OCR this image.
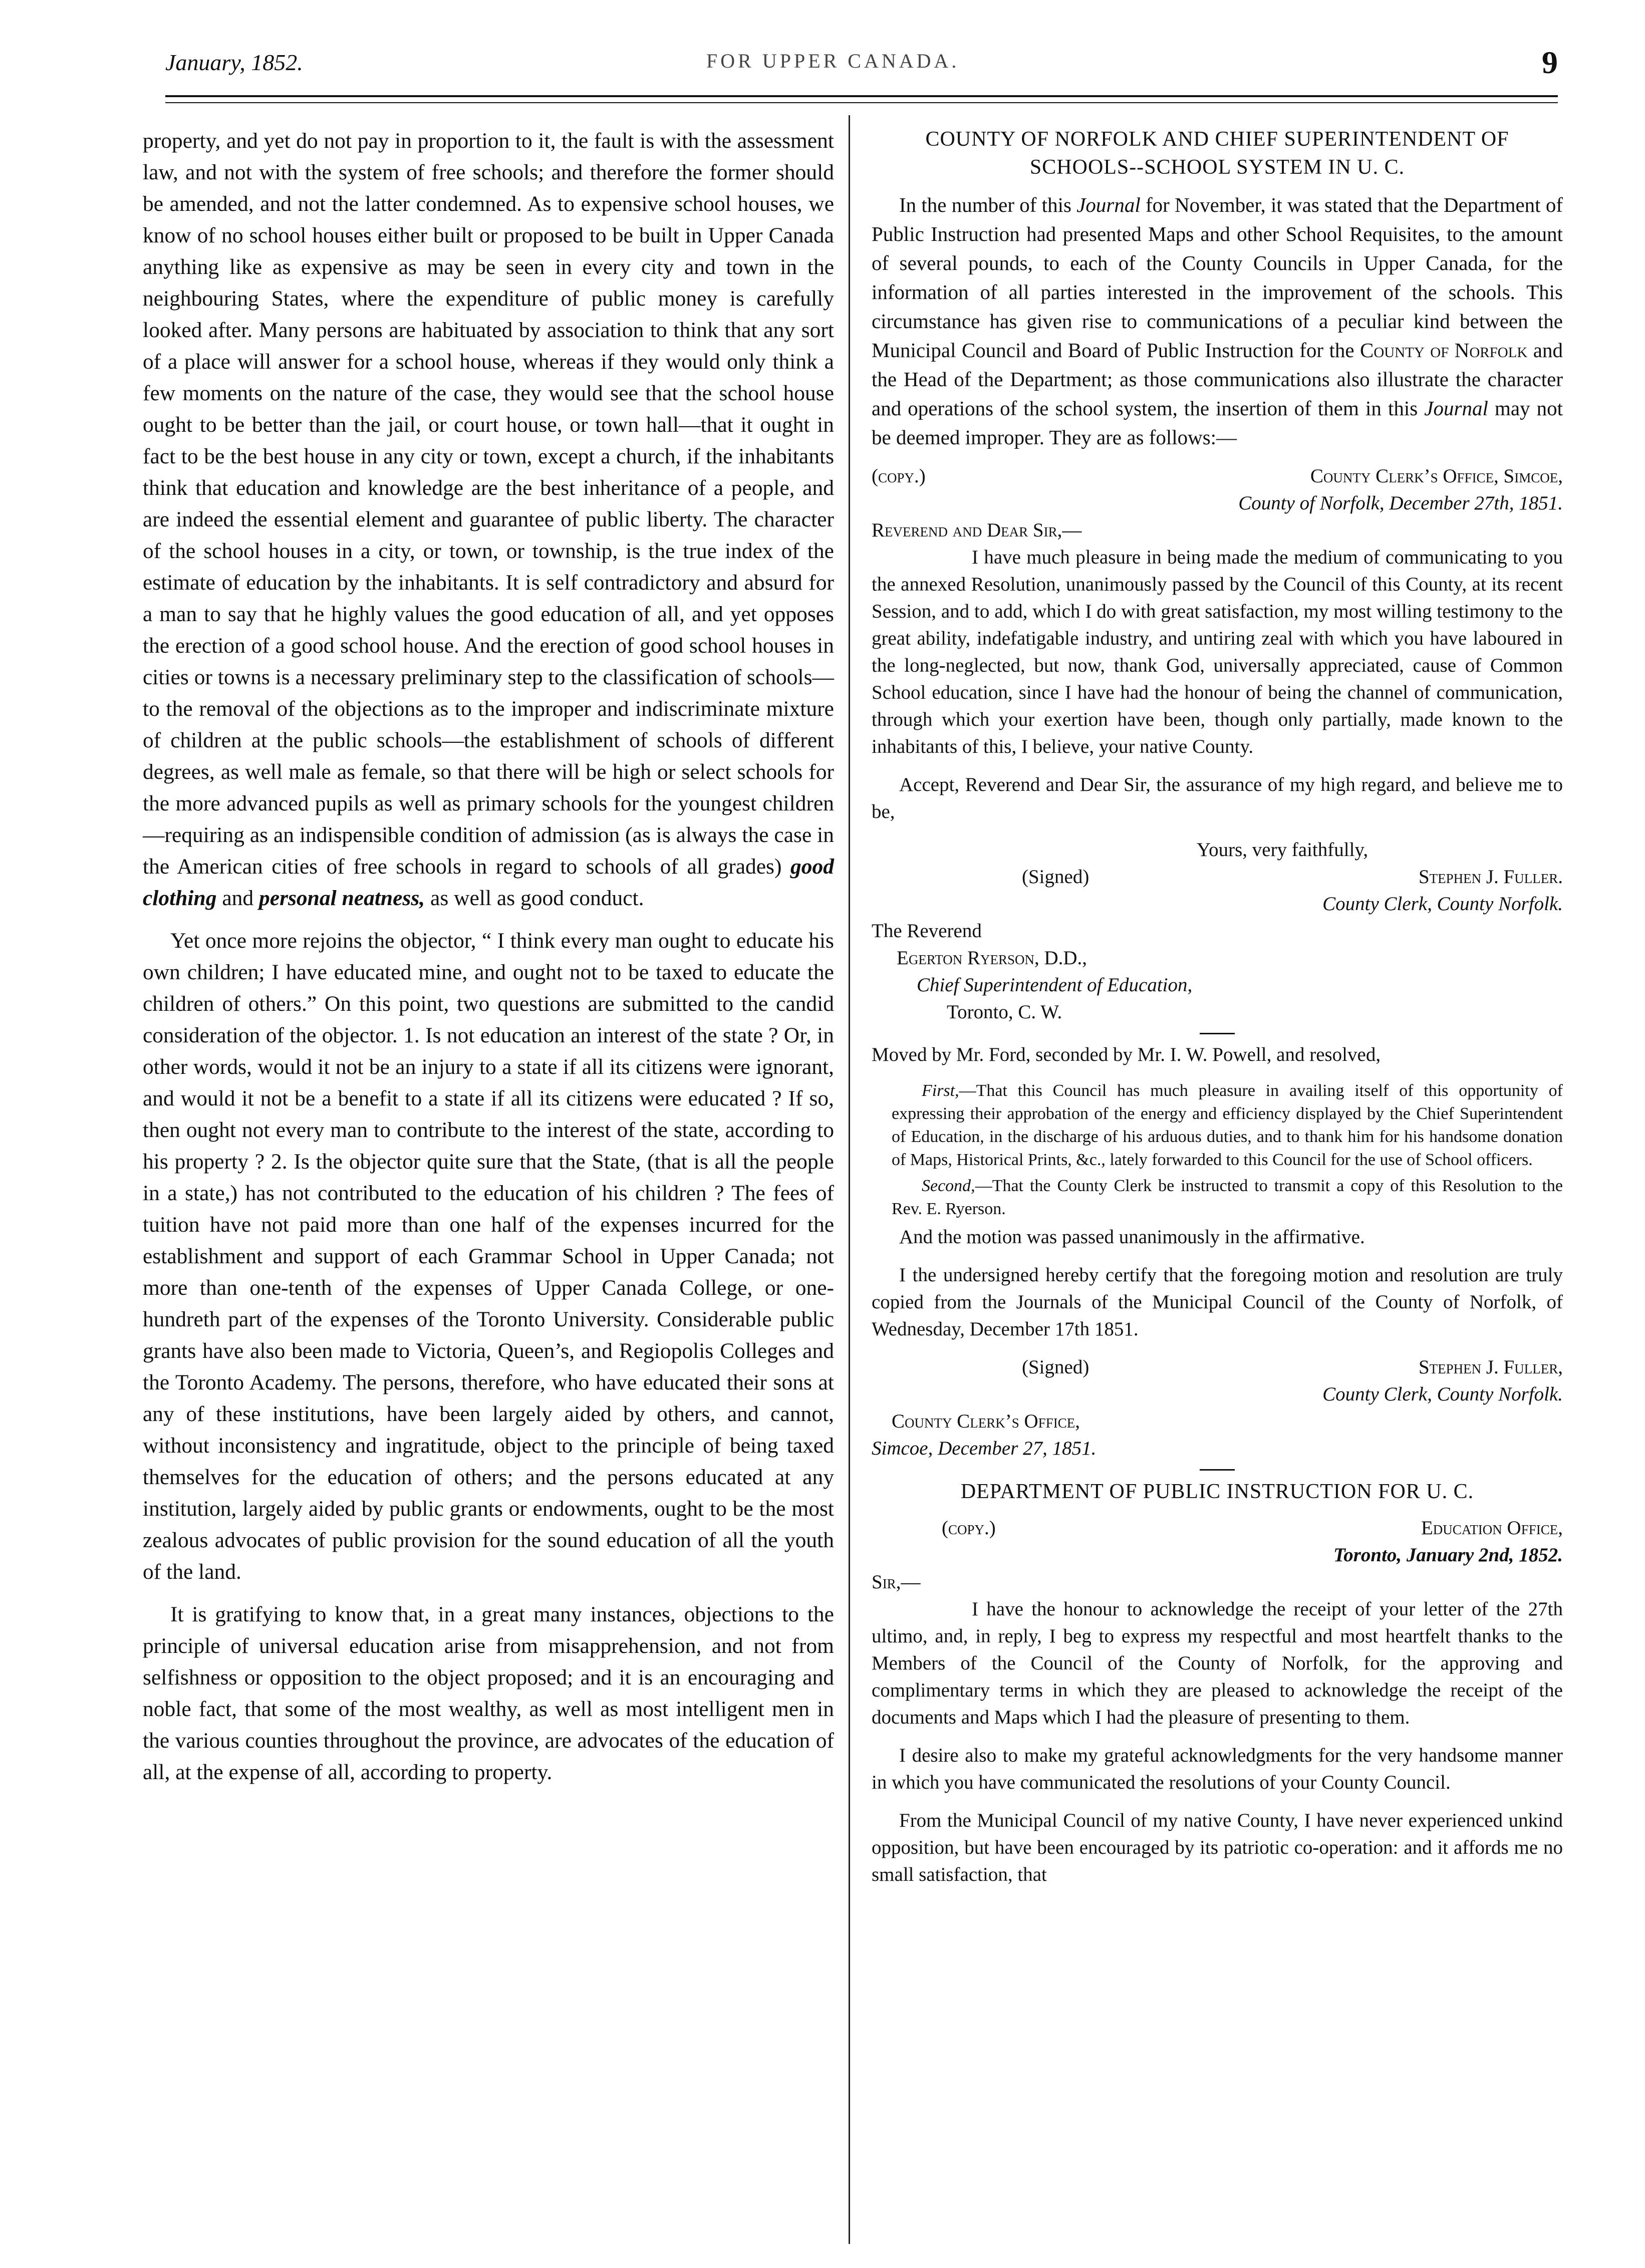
January, 1852.	FOR UPPER CANADA.	9

property, and yet do not pay in proportion to it, the fault is with the assessment law, and not with the system of free schools; and therefore the former should be amended, and not the latter condemned. As to expensive school houses, we know of no school houses either built or proposed to be built in Upper Canada anything like as expensive as may be seen in every city and town in the neighbouring States, where the expenditure of public money is carefully looked after. Many persons are habituated by association to think that any sort of a place will answer for a school house, whereas if they would only think a few moments on the nature of the case, they would see that the school house ought to be better than the jail, or court house, or town hall—that it ought in fact to be the best house in any city or town, except a church, if the inhabitants think that education and knowledge are the best inheritance of a people, and are indeed the essential element and guarantee of public liberty. The character of the school houses in a city, or town, or township, is the true index of the estimate of education by the inhabitants. It is self contradictory and absurd for a man to say that he highly values the good education of all, and yet opposes the erection of a good school house. And the erection of good school houses in cities or towns is a necessary preliminary step to the classification of schools—to the removal of the objections as to the improper and indiscriminate mixture of children at the public schools—the establishment of schools of different degrees, as well male as female, so that there will be high or select schools for the more advanced pupils as well as primary schools for the youngest children—requiring as an indispensible condition of admission (as is always the case in the American cities of free schools in regard to schools of all grades) good clothing and personal neatness, as well as good conduct.

Yet once more rejoins the objector, “ I think every man ought to educate his own children; I have educated mine, and ought not to be taxed to educate the children of others.” On this point, two questions are submitted to the candid consideration of the objector. 1. Is not education an interest of the state ? Or, in other words, would it not be an injury to a state if all its citizens were ignorant, and would it not be a benefit to a state if all its citizens were educated ? If so, then ought not every man to contribute to the interest of the state, according to his property ? 2. Is the objector quite sure that the State, (that is all the people in a state,) has not contributed to the education of his children ? The fees of tuition have not paid more than one half of the expenses incurred for the establishment and support of each Grammar School in Upper Canada; not more than one-tenth of the expenses of Upper Canada College, or one-hundreth part of the expenses of the Toronto University. Considerable public grants have also been made to Victoria, Queen’s, and Regiopolis Colleges and the Toronto Academy. The persons, therefore, who have educated their sons at any of these institutions, have been largely aided by others, and cannot, without inconsistency and ingratitude, object to the principle of being taxed themselves for the education of others; and the persons educated at any institution, largely aided by public grants or endowments, ought to be the most zealous advocates of public provision for the sound education of all the youth of the land.

It is gratifying to know that, in a great many instances, objections to the principle of universal education arise from misapprehension, and not from selfishness or opposition to the object proposed; and it is an encouraging and noble fact, that some of the most wealthy, as well as most intelligent men in the various counties throughout the province, are advocates of the education of all, at the expense of all, according to property.

COUNTY OF NORFOLK AND CHIEF SUPERINTENDENT OF SCHOOLS--SCHOOL SYSTEM IN U. C.

In the number of this Journal for November, it was stated that the Department of Public Instruction had presented Maps and other School Requisites, to the amount of several pounds, to each of the County Councils in Upper Canada, for the information of all parties interested in the improvement of the schools. This circumstance has given rise to communications of a peculiar kind between the Municipal Council and Board of Public Instruction for the County of Norfolk and the Head of the Department; as those communications also illustrate the character and operations of the school system, the insertion of them in this Journal may not be deemed improper. They are as follows:—

(copy.)	County Clerk’s Office, Simcoe,
County of Norfolk, December 27th, 1851.
Reverend and Dear Sir,—

I have much pleasure in being made the medium of communicating to you the annexed Resolution, unanimously passed by the Council of this County, at its recent Session, and to add, which I do with great satisfaction, my most willing testimony to the great ability, indefatigable industry, and untiring zeal with which you have laboured in the long-neglected, but now, thank God, universally appreciated, cause of Common School education, since I have had the honour of being the channel of communication, through which your exertion have been, though only partially, made known to the inhabitants of this, I believe, your native County.

Accept, Reverend and Dear Sir, the assurance of my high regard, and believe me to be,

Yours, very faithfully,
(Signed)	Stephen J. Fuller.
County Clerk, County Norfolk.
The Reverend
Egerton Ryerson, D.D.,
Chief Superintendent of Education,
Toronto, C. W.

Moved by Mr. Ford, seconded by Mr. I. W. Powell, and resolved,

First,—That this Council has much pleasure in availing itself of this opportunity of expressing their approbation of the energy and efficiency displayed by the Chief Superintendent of Education, in the discharge of his arduous duties, and to thank him for his handsome donation of Maps, Historical Prints, &c., lately forwarded to this Council for the use of School officers.
Second,—That the County Clerk be instructed to transmit a copy of this Resolution to the Rev. E. Ryerson.

And the motion was passed unanimously in the affirmative.

I the undersigned hereby certify that the foregoing motion and resolution are truly copied from the Journals of the Municipal Council of the County of Norfolk, of Wednesday, December 17th 1851.

(Signed)	Stephen J. Fuller,
County Clerk, County Norfolk.
County Clerk’s Office,
Simcoe, December 27, 1851.
DEPARTMENT OF PUBLIC INSTRUCTION FOR U. C.
(copy.)	Education Office,
Toronto, January 2nd, 1852.
Sir,—

I have the honour to acknowledge the receipt of your letter of the 27th ultimo, and, in reply, I beg to express my respectful and most heartfelt thanks to the Members of the Council of the County of Norfolk, for the approving and complimentary terms in which they are pleased to acknowledge the receipt of the documents and Maps which I had the pleasure of presenting to them.

I desire also to make my grateful acknowledgments for the very handsome manner in which you have communicated the resolutions of your County Council.

From the Municipal Council of my native County, I have never experienced unkind opposition, but have been encouraged by its patriotic co-operation: and it affords me no small satisfaction, that
